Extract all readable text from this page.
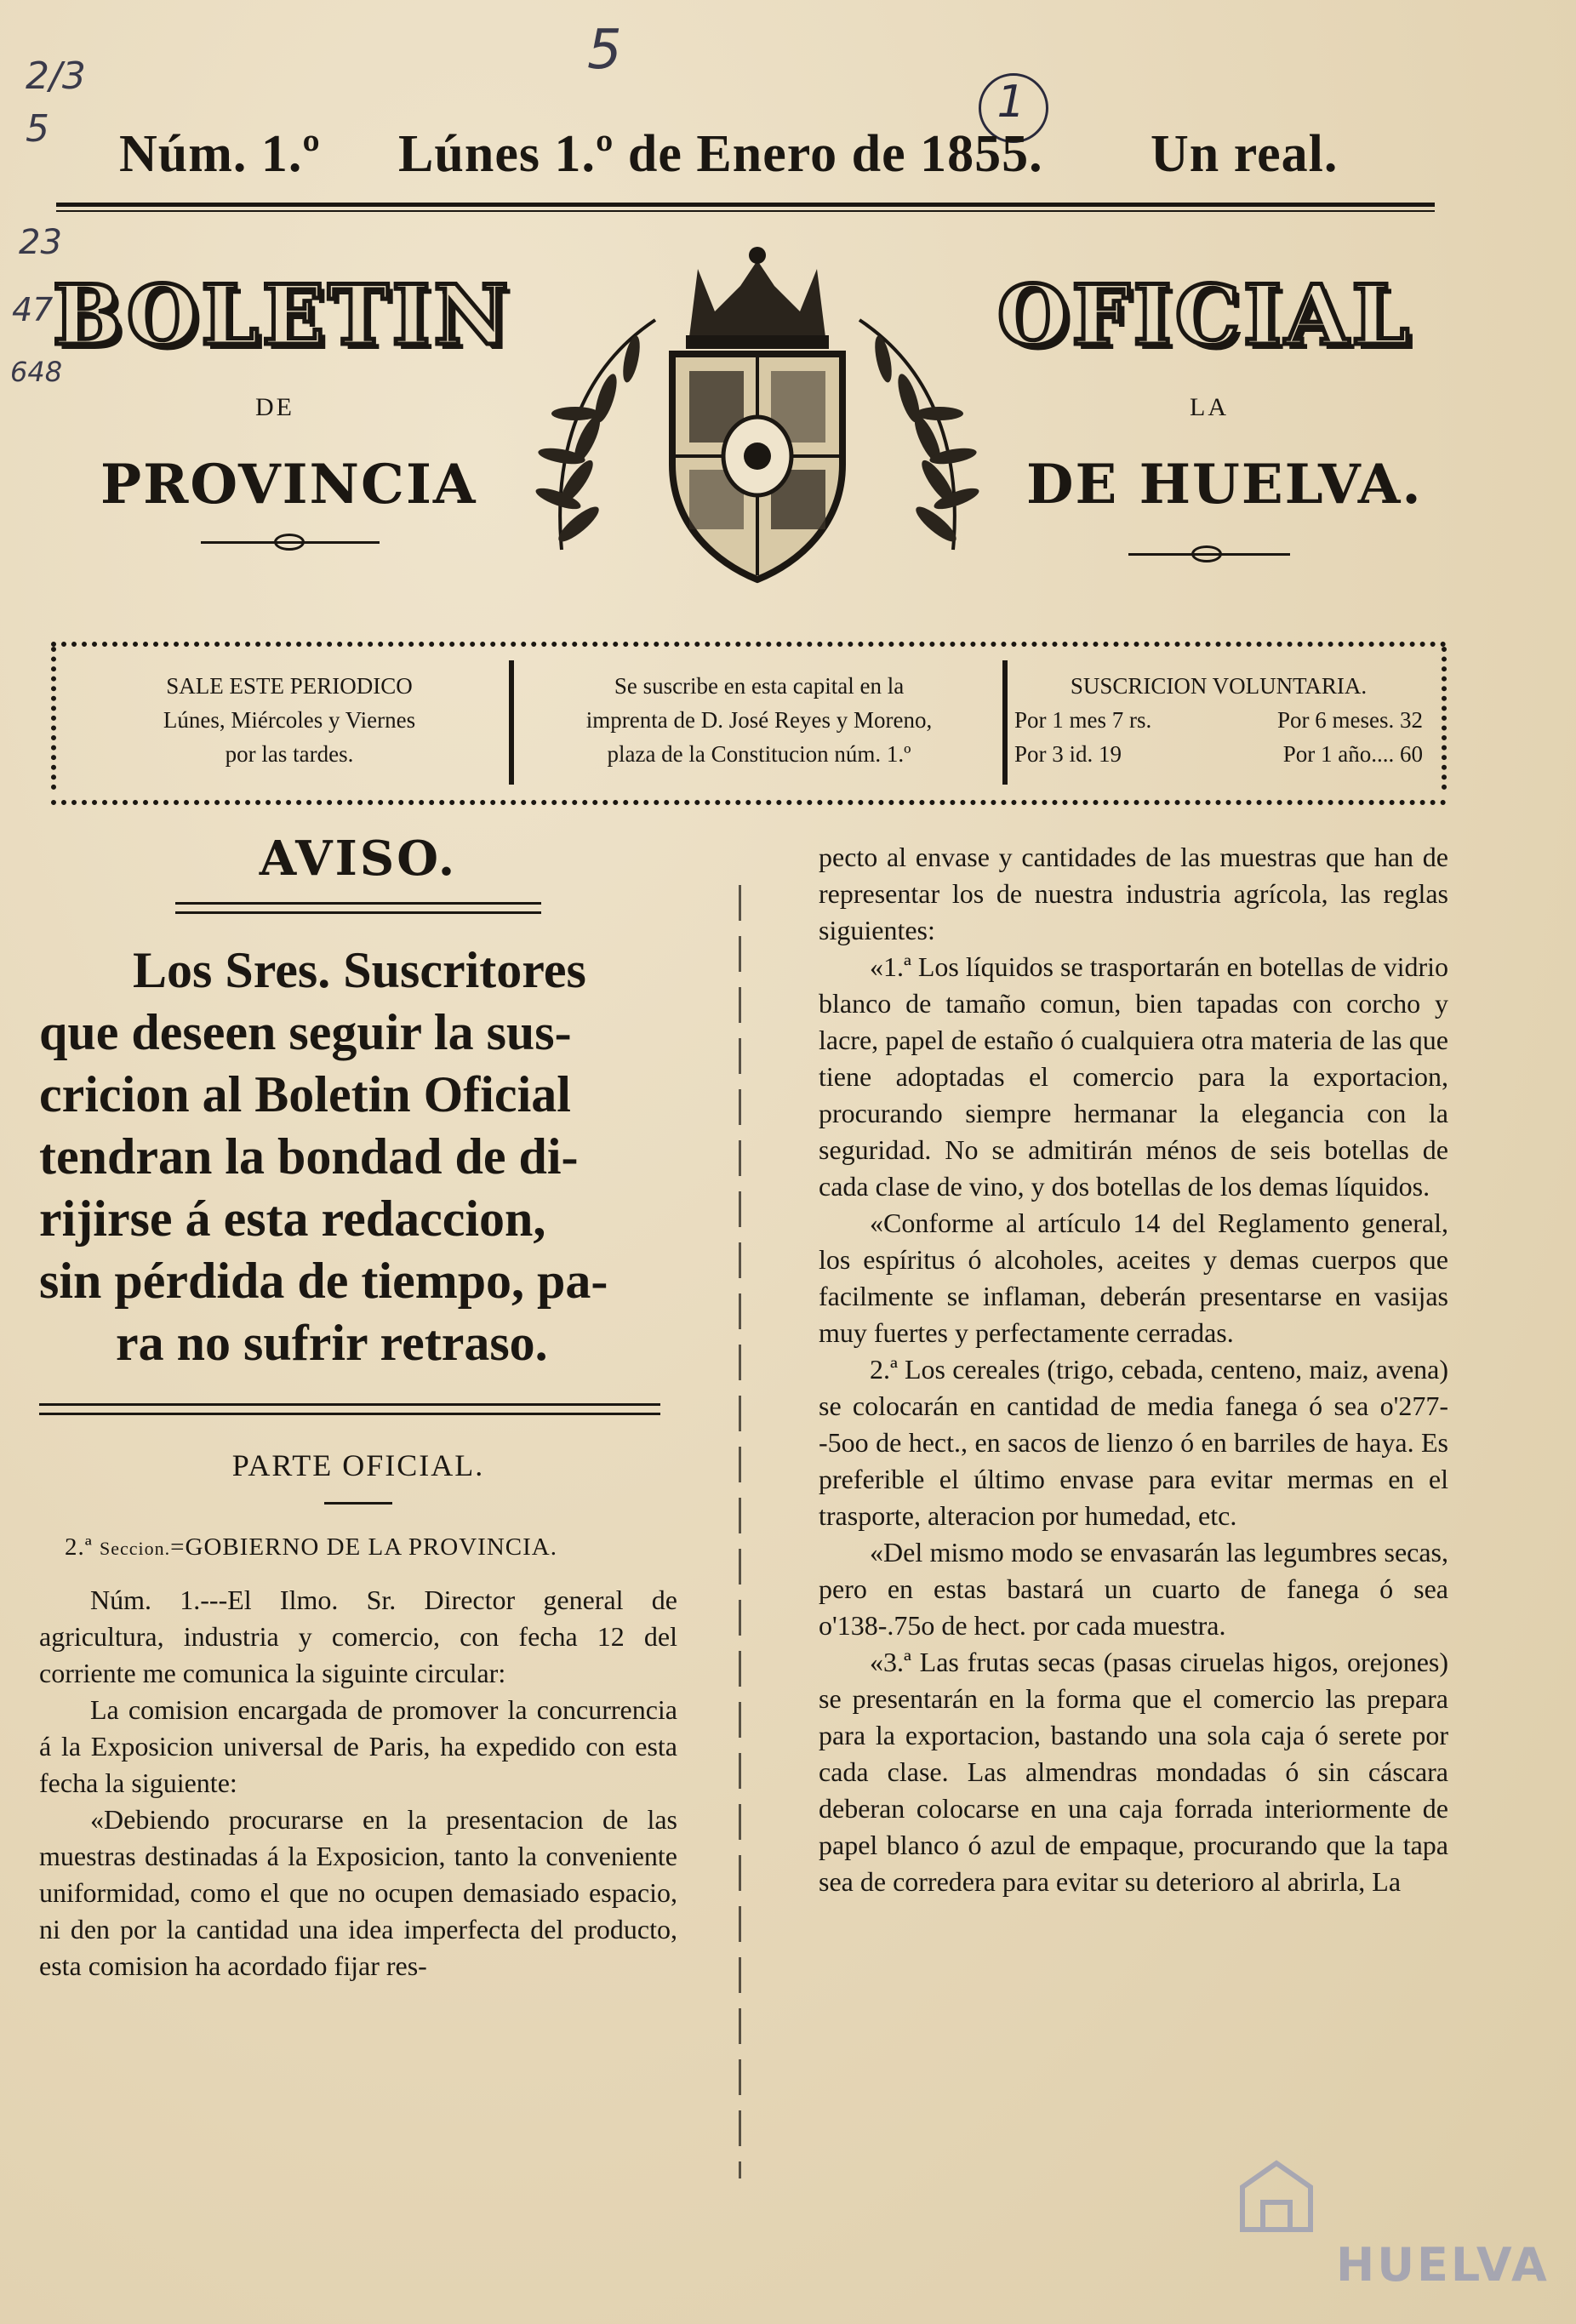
2/3
5
23
47
648
5
1
Núm. 1.º Lúnes 1.º de Enero de 1855. Un real.
BOLETIN	OFICIAL
DE	LA
PROVINCIA	DE HUELVA.
SALE ESTE PERIODICO
Lúnes, Miércoles y Viernes
por las tardes.
Se suscribe en esta capital en la
imprenta de D. José Reyes y Moreno,
plaza de la Constitucion núm. 1.º
SUSCRICION VOLUNTARIA.
Por 1 mes 7 rs.	Por 6 meses. 32
Por 3 id. 19	Por 1 año.... 60
AVISO.
Los Sres. Suscritores
que deseen seguir la sus-
cricion al Boletin Oficial
tendran la bondad de di-
rijirse á esta redaccion,
sin pérdida de tiempo, pa-
ra no sufrir retraso.
PARTE OFICIAL.
2.ª Seccion.=GOBIERNO DE LA PROVINCIA.

Núm. 1.---El Ilmo. Sr. Director general de agricultura, industria y comercio, con fecha 12 del corriente me comunica la siguinte circular:

La comision encargada de promover la concurrencia á la Exposicion universal de Paris, ha expedido con esta fecha la siguiente:

«Debiendo procurarse en la presentacion de las muestras destinadas á la Exposicion, tanto la conveniente uniformidad, como el que no ocupen demasiado espacio, ni den por la cantidad una idea imperfecta del producto, esta comision ha acordado fijar res-

pecto al envase y cantidades de las muestras que han de representar los de nuestra industria agrícola, las reglas siguientes:

«1.ª Los líquidos se trasportarán en botellas de vidrio blanco de tamaño comun, bien tapadas con corcho y lacre, papel de estaño ó cualquiera otra materia de las que tiene adoptadas el comercio para la exportacion, procurando siempre hermanar la elegancia con la seguridad. No se admitirán ménos de seis botellas de cada clase de vino, y dos botellas de los demas líquidos.

«Conforme al artículo 14 del Reglamento general, los espíritus ó alcoholes, aceites y demas cuerpos que facilmente se inflaman, deberán presentarse en vasijas muy fuertes y perfectamente cerradas.

2.ª Los cereales (trigo, cebada, centeno, maiz, avena) se colocarán en cantidad de media fanega ó sea o'277--5oo de hect., en sacos de lienzo ó en barriles de haya. Es preferible el último envase para evitar mermas en el trasporte, alteracion por humedad, etc.

«Del mismo modo se envasarán las legumbres secas, pero en estas bastará un cuarto de fanega ó sea o'138-.75o de hect. por cada muestra.

«3.ª Las frutas secas (pasas ciruelas higos, orejones) se presentarán en la forma que el comercio las prepara para la exportacion, bastando una sola caja ó serete por cada clase. Las almendras mondadas ó sin cáscara deberan colocarse en una caja forrada interiormente de papel blanco ó azul de empaque, procurando que la tapa sea de corredera para evitar su deterioro al abrirla, La

HUELVA
